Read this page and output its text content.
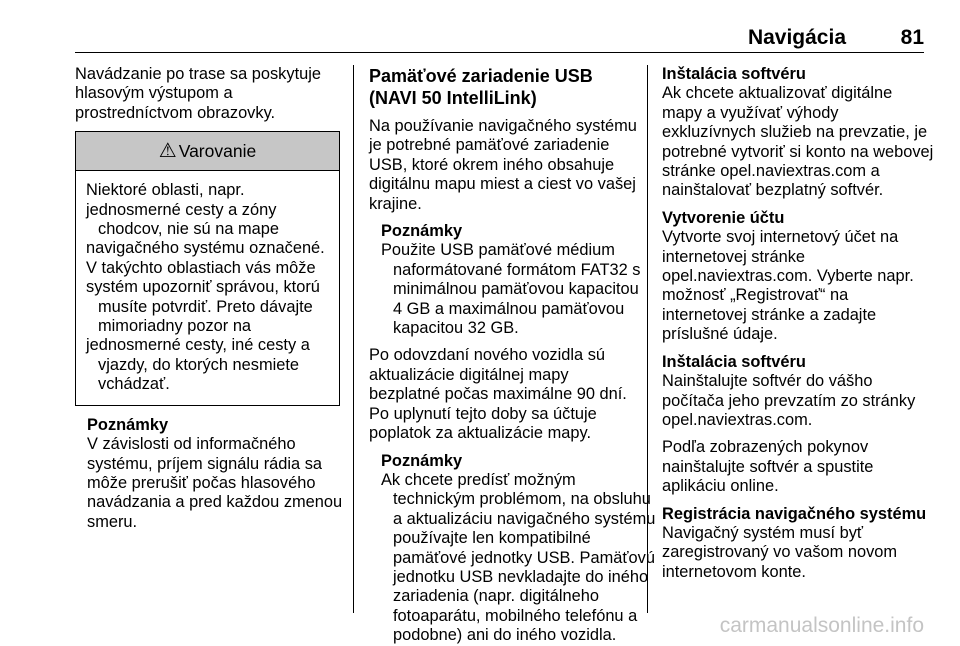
Navigácia	81
Navádzanie po trase sa poskytuje
hlasovým výstupom a
prostredníctvom obrazovky.
⚠ Varovanie
Niektoré oblasti, napr.
jednosmerné cesty a zóny
chodcov, nie sú na mape
navigačného systému označené.
V takýchto oblastiach vás môže
systém upozorniť správou, ktorú
musíte potvrdiť. Preto dávajte
mimoriadny pozor na
jednosmerné cesty, iné cesty a
vjazdy, do ktorých nesmiete
vchádzať.
Poznámky
V závislosti od informačného
systému, príjem signálu rádia sa
môže prerušiť počas hlasového
navádzania a pred každou zmenou
smeru.
Pamäťové zariadenie USB
(NAVI 50 IntelliLink)
Na používanie navigačného systému
je potrebné pamäťové zariadenie
USB, ktoré okrem iného obsahuje
digitálnu mapu miest a ciest vo vašej
krajine.
Poznámky
Použite USB pamäťové médium
naformátované formátom FAT32 s
minimálnou pamäťovou kapacitou
4 GB a maximálnou pamäťovou
kapacitou 32 GB.
Po odovzdaní nového vozidla sú
aktualizácie digitálnej mapy
bezplatné počas maximálne 90 dní.
Po uplynutí tejto doby sa účtuje
poplatok za aktualizácie mapy.
Poznámky
Ak chcete predísť možným
technickým problémom, na obsluhu
a aktualizáciu navigačného systému
používajte len kompatibilné
pamäťové jednotky USB. Pamäťovú
jednotku USB nevkladajte do iného
zariadenia (napr. digitálneho
fotoaparátu, mobilného telefónu a
podobne) ani do iného vozidla.
Inštalácia softvéru
Ak chcete aktualizovať digitálne
mapy a využívať výhody
exkluzívnych služieb na prevzatie, je
potrebné vytvoriť si konto na webovej
stránke opel.naviextras.com a
nainštalovať bezplatný softvér.
Vytvorenie účtu
Vytvorte svoj internetový účet na
internetovej stránke
opel.naviextras.com. Vyberte napr.
možnosť „Registrovať“ na
internetovej stránke a zadajte
príslušné údaje.
Inštalácia softvéru
Nainštalujte softvér do vášho
počítača jeho prevzatím zo stránky
opel.naviextras.com.
Podľa zobrazených pokynov
nainštalujte softvér a spustite
aplikáciu online.
Registrácia navigačného systému
Navigačný systém musí byť
zaregistrovaný vo vašom novom
internetovom konte.
carmanualsonline.info
